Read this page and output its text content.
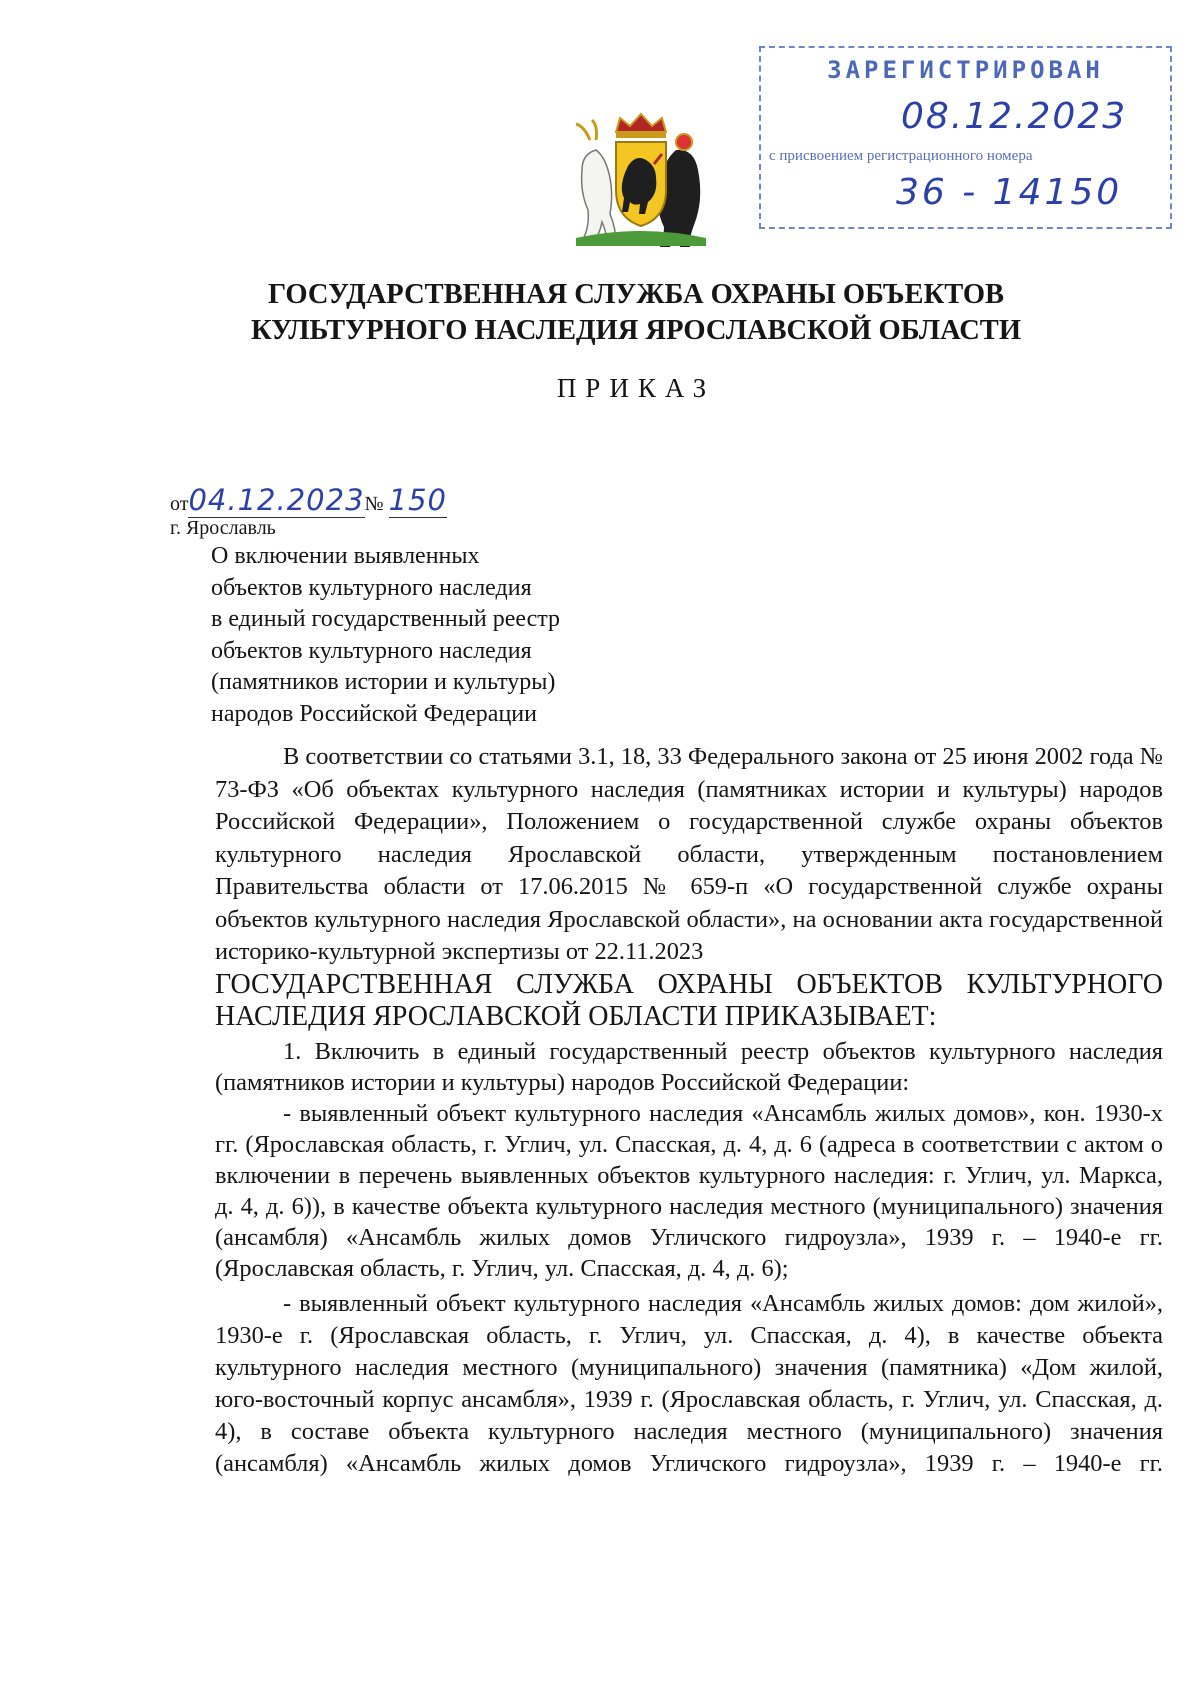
ЗАРЕГИСТРИРОВАН
08.12.2023
с присвоением регистрационного номера
36 - 14150
ГОСУДАРСТВЕННАЯ СЛУЖБА ОХРАНЫ ОБЪЕКТОВ
КУЛЬТУРНОГО НАСЛЕДИЯ ЯРОСЛАВСКОЙ ОБЛАСТИ
ПРИКАЗ
от04.12.2023№ 150
г. Ярославль
О включении выявленных
объектов культурного наследия
в единый государственный реестр
объектов культурного наследия
(памятников истории и культуры)
народов Российской Федерации

В соответствии со статьями 3.1, 18, 33 Федерального закона от 25 июня 2002 года № 73-ФЗ «Об объектах культурного наследия (памятниках истории и культуры) народов Российской Федерации», Положением о государственной службе охраны объектов культурного наследия Ярославской области, утвержденным постановлением Правительства области от 17.06.2015 № 659-п «О государственной службе охраны объектов культурного наследия Ярославской области», на основании акта государственной историко-культурной экспертизы от 22.11.2023

ГОСУДАРСТВЕННАЯ СЛУЖБА ОХРАНЫ ОБЪЕКТОВ КУЛЬТУРНОГО НАСЛЕДИЯ ЯРОСЛАВСКОЙ ОБЛАСТИ ПРИКАЗЫВАЕТ:

1. Включить в единый государственный реестр объектов культурного наследия (памятников истории и культуры) народов Российской Федерации:

- выявленный объект культурного наследия «Ансамбль жилых домов», кон. 1930-х гг. (Ярославская область, г. Углич, ул. Спасская, д. 4, д. 6 (адреса в соответствии с актом о включении в перечень выявленных объектов культурного наследия: г. Углич, ул. Маркса, д. 4, д. 6)), в качестве объекта культурного наследия местного (муниципального) значения (ансамбля) «Ансамбль жилых домов Угличского гидроузла», 1939 г. – 1940-е гг. (Ярославская область, г. Углич, ул. Спасская, д. 4, д. 6);

- выявленный объект культурного наследия «Ансамбль жилых домов: дом жилой», 1930-е г. (Ярославская область, г. Углич, ул. Спасская, д. 4), в качестве объекта культурного наследия местного (муниципального) значения (памятника) «Дом жилой, юго-восточный корпус ансамбля», 1939 г. (Ярославская область, г. Углич, ул. Спасская, д. 4), в составе объекта культурного наследия местного (муниципального) значения (ансамбля) «Ансамбль жилых домов Угличского гидроузла», 1939 г. – 1940-е гг.
